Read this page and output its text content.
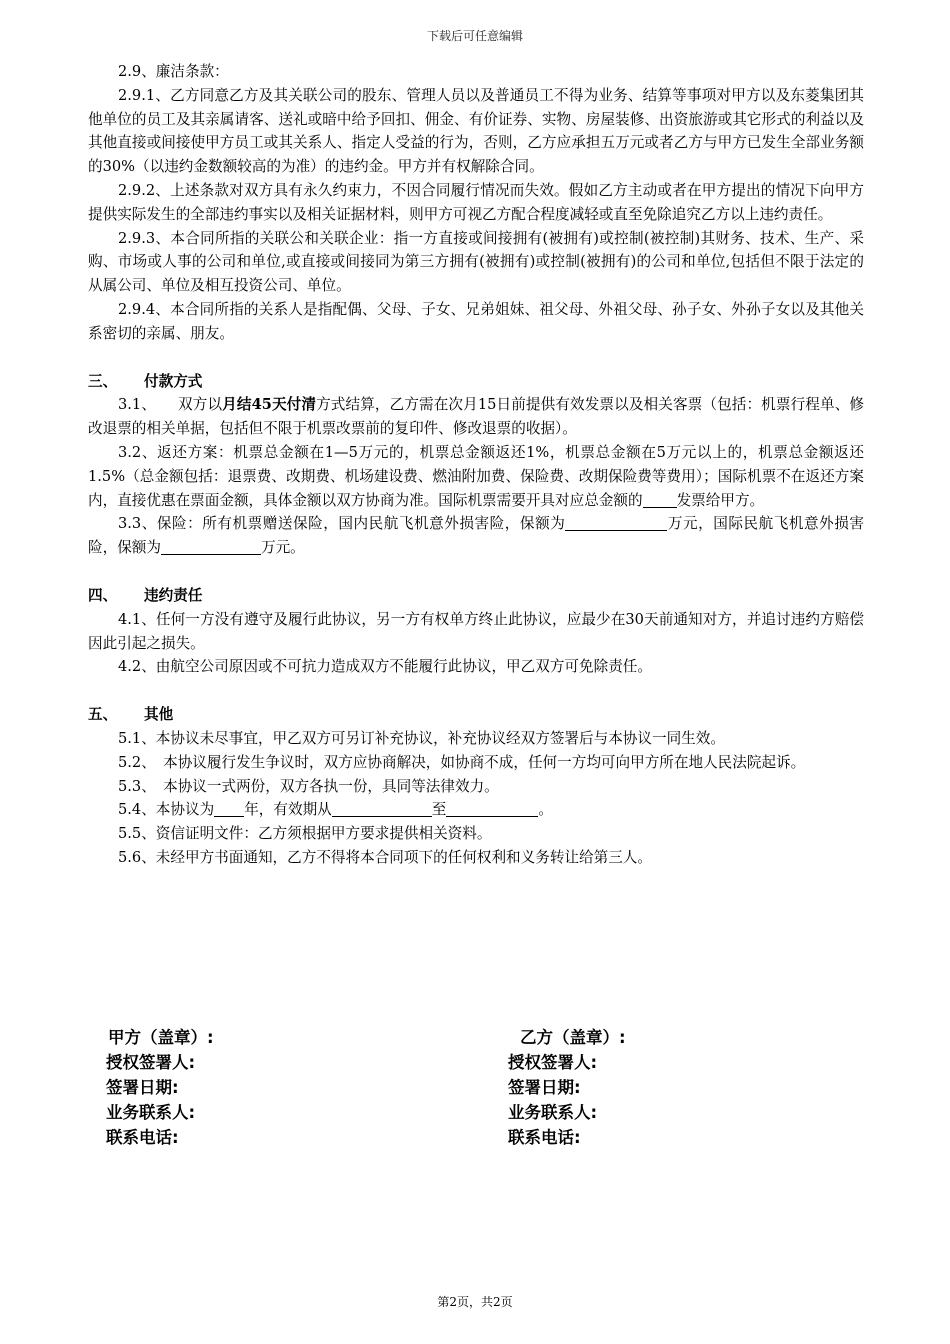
下载后可任意编辑

2.9、廉洁条款：

2.9.1、乙方同意乙方及其关联公司的股东、管理人员以及普通员工不得为业务、结算等事项对甲方以及东菱集团其他单位的员工及其亲属请客、送礼或暗中给予回扣、佣金、有价证券、实物、房屋装修、出资旅游或其它形式的利益以及其他直接或间接使甲方员工或其关系人、指定人受益的行为，否则，乙方应承担五万元或者乙方与甲方已发生全部业务额的30%（以违约金数额较高的为准）的违约金。甲方并有权解除合同。

2.9.2、上述条款对双方具有永久约束力，不因合同履行情况而失效。假如乙方主动或者在甲方提出的情况下向甲方提供实际发生的全部违约事实以及相关证据材料，则甲方可视乙方配合程度减轻或直至免除追究乙方以上违约责任。

2.9.3、本合同所指的关联公和关联企业：指一方直接或间接拥有(被拥有)或控制(被控制)其财务、技术、生产、采购、市场或人事的公司和单位,或直接或间接同为第三方拥有(被拥有)或控制(被拥有)的公司和单位,包括但不限于法定的从属公司、单位及相互投资公司、单位。

2.9.4、本合同所指的关系人是指配偶、父母、子女、兄弟姐妹、祖父母、外祖父母、孙子女、外孙子女以及其他关系密切的亲属、朋友。

三、 付款方式

3.1、   双方以月结45天付清方式结算，乙方需在次月15日前提供有效发票以及相关客票（包括：机票行程单、修改退票的相关单据，包括但不限于机票改票前的复印件、修改退票的收据）。

3.2、返还方案：机票总金额在1—5万元的，机票总金额返还1%，机票总金额在5万元以上的，机票总金额返还1.5%（总金额包括：退票费、改期费、机场建设费、燃油附加费、保险费、改期保险费等费用）；国际机票不在返还方案内，直接优惠在票面金额，具体金额以双方协商为准。国际机票需要开具对应总金额的 发票给甲方。

3.3、保险：所有机票赠送保险，国内民航飞机意外损害险，保额为	万元，国际民航飞机意外损害险，保额为	万元。

四、 违约责任

4.1、任何一方没有遵守及履行此协议，另一方有权单方终止此协议，应最少在30天前通知对方，并追讨违约方赔偿因此引起之损失。

4.2、由航空公司原因或不可抗力造成双方不能履行此协议，甲乙双方可免除责任。

五、 其他

5.1、本协议未尽事宜，甲乙双方可另订补充协议，补充协议经双方签署后与本协议一同生效。

5.2、  本协议履行发生争议时，双方应协商解决，如协商不成，任何一方均可向甲方所在地人民法院起诉。

5.3、  本协议一式两份，双方各执一份，具同等法律效力。

5.4、本协议为 年，有效期从	至	。

5.5、资信证明文件：乙方须根据甲方要求提供相关资料。

5.6、未经甲方书面通知，乙方不得将本合同项下的任何权利和义务转让给第三人。

甲方（盖章）:
授权签署人:
签署日期:
业务联系人:
联系电话:
乙方（盖章）:
授权签署人:
签署日期:
业务联系人:
联系电话:
第2页，共2页
